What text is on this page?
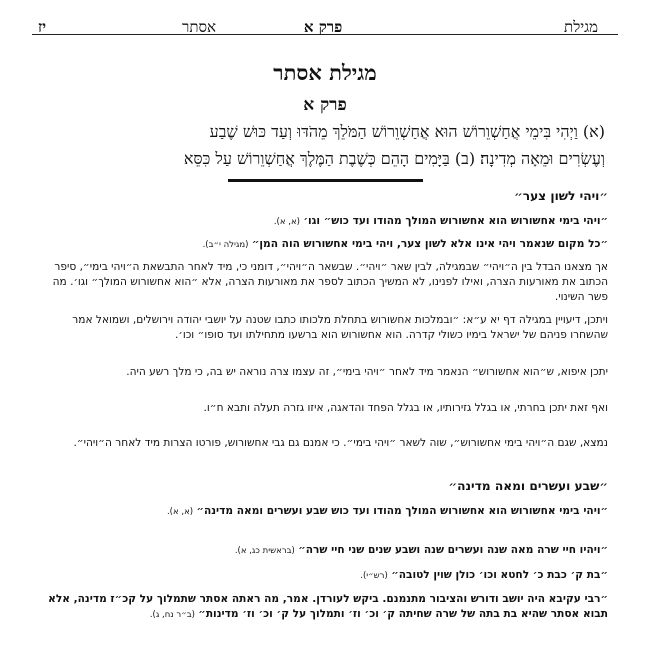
מגילת
פרק א
אסתר
יז
מגילת אסתר
פרק א
(א) וַיְהִי בִּימֵי אֲחַשְׁוֵרוֹשׁ הוּא אֲחַשְׁוֵרוֹשׁ הַמֹּלֵךְ מֵהֹדּוּ וְעַד כּוּשׁ שֶׁבַע
וְעֶשְׂרִים וּמֵאָה מְדִינָה׃ (ב) בַּיָּמִים הָהֵם כְּשֶׁבֶת הַמֶּלֶךְ אֲחַשְׁוֵרוֹשׁ עַל כִּסֵּא
״ויהי לשון צער״
״ויהי בימי אחשורוש הוא אחשורוש המולך מהודו ועד כוש״ וגו׳ (א, א).
״כל מקום שנאמר ויהי אינו אלא לשון צער, ויהי בימי אחשורוש הוה המן״ (מגילה י״ב).

אך מצאנו הבדל בין ה״ויהי״ שבמגילה, לבין שאר ״ויהי״. שבשאר ה״ויהי״, דומני כי, מיד לאחר התבשאת ה״ויהי בימי״, סיפר הכתוב את מאורעות הצרה, ואילו לפנינו, לא המשיך הכתוב לספר את מאורעות הצרה, אלא ״הוא אחשורוש המולך״ וגו׳. מה פשר השינוי.

ויתכן, דיעויין במגילה דף יא ע״א: ״ובמלכות אחשורוש בתחלת מלכותו כתבו שטנה על יושבי יהודה וירושלים, ושמואל אמר שהשחרו פניהם של ישראל בימיו כשולי קדרה. הוא אחשורוש הוא ברשעו מתחילתו ועד סופו״ וכו׳.

יתכן איפוא, ש״הוא אחשורוש״ הנאמר מיד לאחר ״ויהי בימי״, זה עצמו צרה נוראה יש בה, כי מלך רשע היה.

ואף זאת יתכן בחרתי, או בגלל גזירותיו, או בגלל הפחד והדאגה, איזו גזרה תעלה ותבא ח״ו.

נמצא, שגם ה״ויהי בימי אחשורוש״, שוה לשאר ״ויהי בימי״. כי אמנם גם גבי אחשורוש, פורטו הצרות מיד לאחר ה״ויהי״.

״שבע ועשרים ומאה מדינה״
״ויהי בימי אחשורוש הוא אחשורוש המולך מהודו ועד כוש שבע ועשרים ומאה מדינה״ (א, א).
״ויהיו חיי שרה מאה שנה ועשרים שנה ושבע שנים שני חיי שרה״ (בראשית כג, א).
״בת ק׳ כבת כ׳ לחטא וכו׳ כולן שוין לטובה״ (רש״י).
״רבי עקיבא היה יושב ודורש והציבור מתנמנם. ביקש לעורדן. אמר, מה ראתה אסתר שתמלוך על קכ״ז מדינה, אלא תבוא אסתר שהיא בת בתה של שרה שחיתה ק׳ וכ׳ וז׳ ותמלוך על ק׳ וכ׳ וז׳ מדינות״ (ב״ר נח, ג).
